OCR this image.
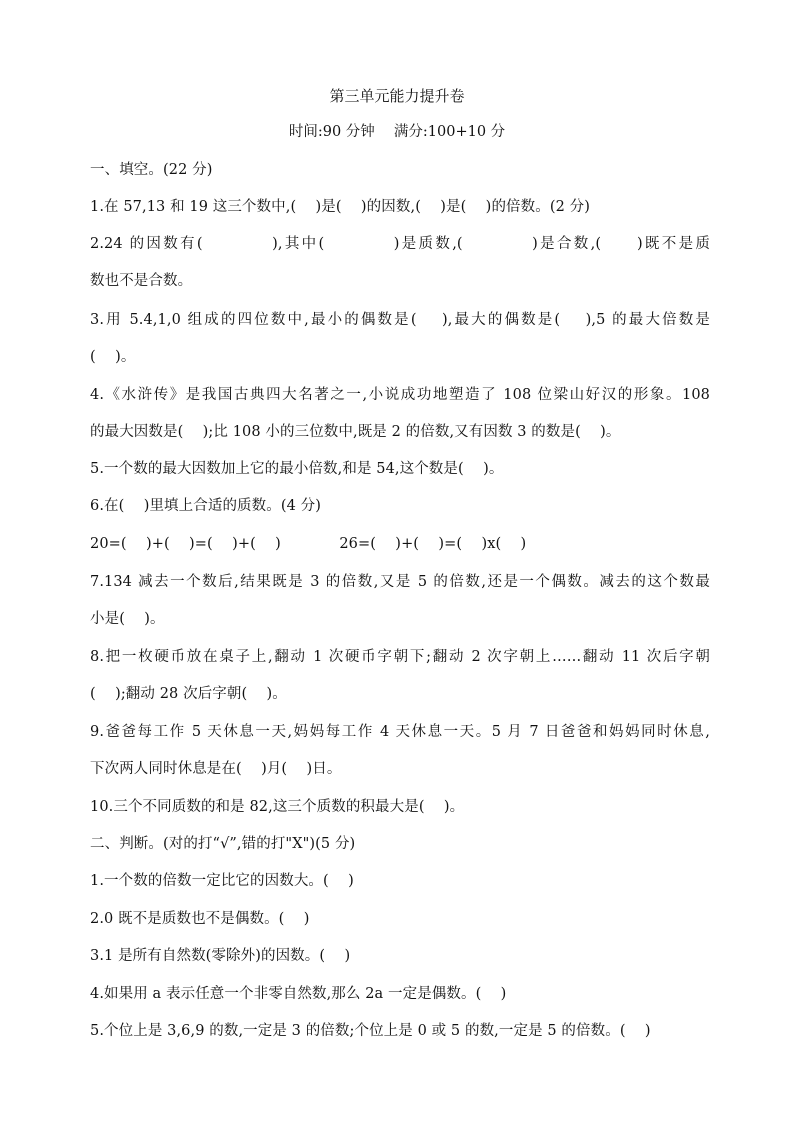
第三单元能力提升卷
时间:90 分钟　 满分:100+10 分
一、填空。(22 分)
1.在 57,13 和 19 这三个数中,(　 )是(　 )的因数,(　 )是(　 )的倍数。(2 分)
2.24 的因数有(　　　　),其中(　　　　)是质数,(　　　　)是合数,(　　)既不是质
数也不是合数。
3.用 5.4,1,0 组成的四位数中,最小的偶数是(　 ),最大的偶数是(　 ),5 的最大倍数是
(　 )。
4.《水浒传》是我国古典四大名著之一,小说成功地塑造了 108 位梁山好汉的形象。108
的最大因数是(　 );比 108 小的三位数中,既是 2 的倍数,又有因数 3 的数是(　 )。
5.一个数的最大因数加上它的最小倍数,和是 54,这个数是(　 )。
6.在(　 )里填上合适的质数。(4 分)
20=(　 )+(　 )=(　 )+(　 )　　　　26=(　 )+(　 )=(　 )x(　 )
7.134 减去一个数后,结果既是 3 的倍数,又是 5 的倍数,还是一个偶数。减去的这个数最
小是(　 )。
8.把一枚硬币放在桌子上,翻动 1 次硬币字朝下;翻动 2 次字朝上……翻动 11 次后字朝
(　 );翻动 28 次后字朝(　 )。
9.爸爸每工作 5 天休息一天,妈妈每工作 4 天休息一天。5 月 7 日爸爸和妈妈同时休息,
下次两人同时休息是在(　 )月(　 )日。
10.三个不同质数的和是 82,这三个质数的积最大是(　 )。
二、判断。(对的打“√”,错的打"X")(5 分)
1.一个数的倍数一定比它的因数大。(　 )
2.0 既不是质数也不是偶数。(　 )
3.1 是所有自然数(零除外)的因数。(　 )
4.如果用 a 表示任意一个非零自然数,那么 2a 一定是偶数。(　 )
5.个位上是 3,6,9 的数,一定是 3 的倍数;个位上是 0 或 5 的数,一定是 5 的倍数。(　 )
